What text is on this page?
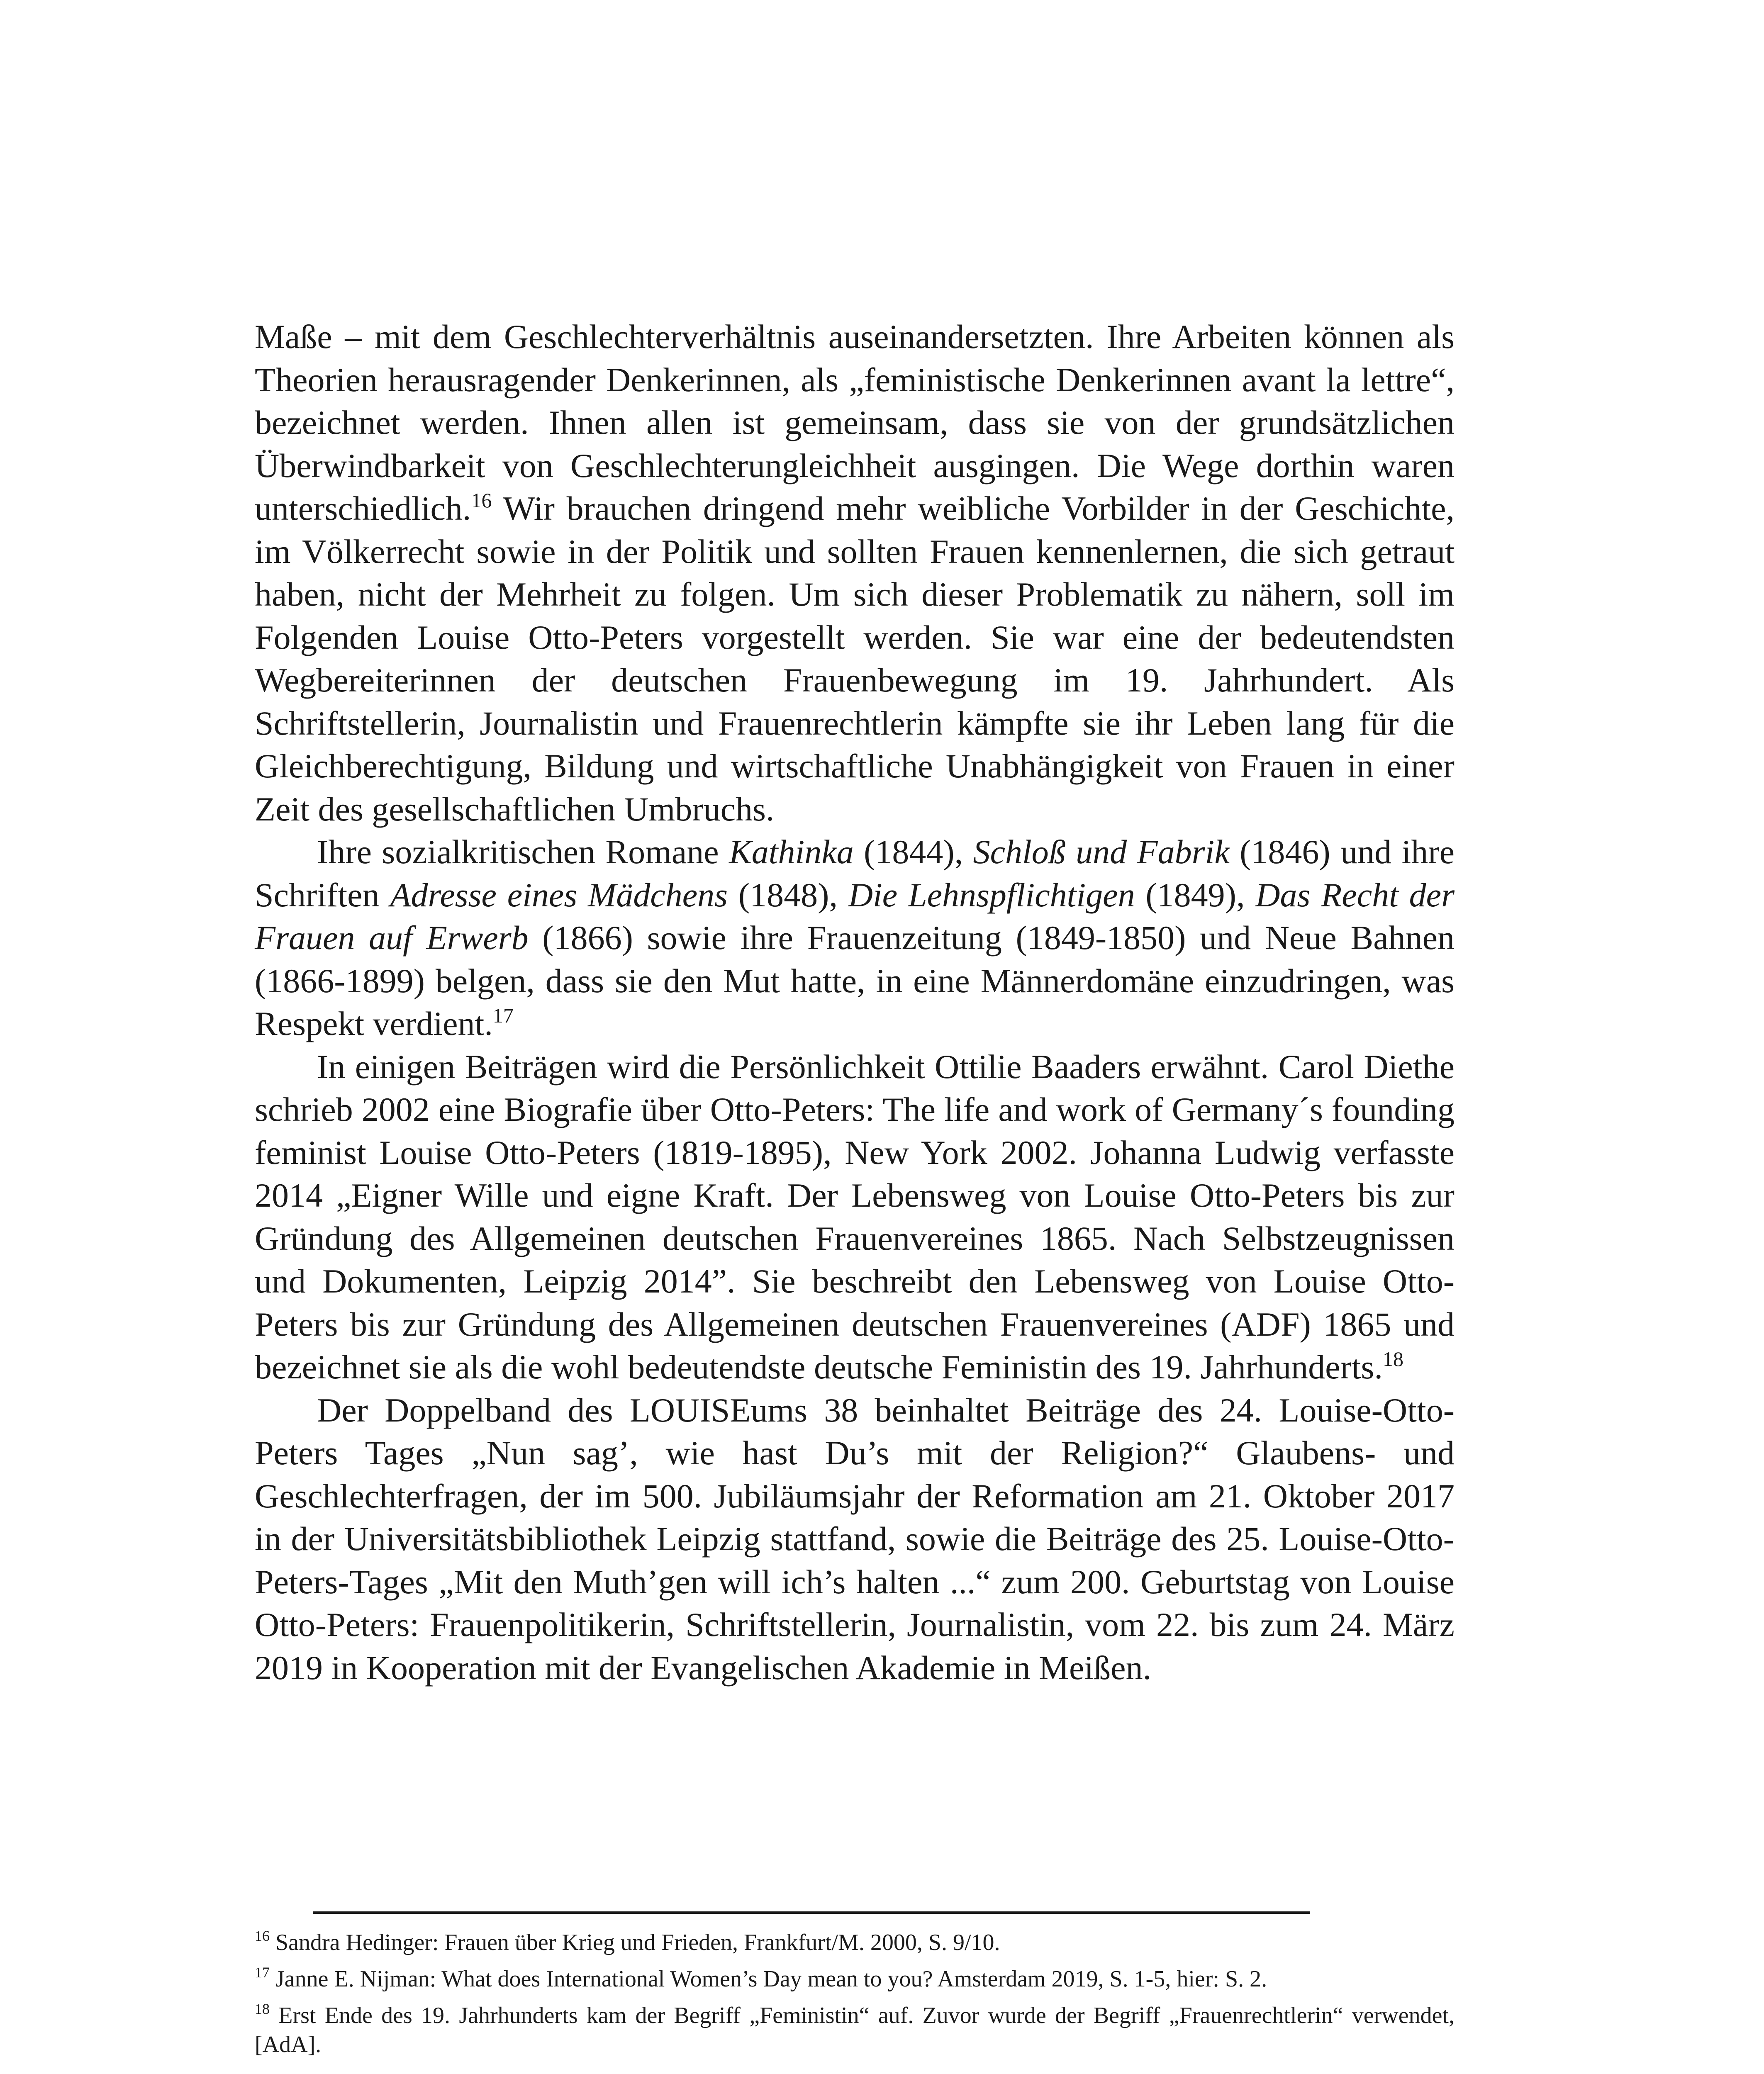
Maße – mit dem Geschlechterverhältnis auseinandersetzten. Ihre Arbeiten können als Theorien herausragender Denkerinnen, als „feministische Denkerinnen avant la lettre“, bezeichnet werden. Ihnen allen ist gemeinsam, dass sie von der grundsätzlichen Überwindbarkeit von Geschlechterungleichheit ausgingen. Die Wege dorthin waren unterschiedlich.$^{16}$ Wir brauchen dringend mehr weibliche Vorbilder in der Geschichte, im Völkerrecht sowie in der Politik und sollten Frauen kennenlernen, die sich getraut haben, nicht der Mehrheit zu folgen. Um sich dieser Problematik zu nähern, soll im Folgenden Louise Otto-Peters vorgestellt werden. Sie war eine der bedeutendsten Wegbereiterinnen der deutschen Frauenbewegung im 19. Jahrhundert. Als Schriftstellerin, Journalistin und Frauenrechtlerin kämpfte sie ihr Leben lang für die Gleichberechtigung, Bildung und wirtschaftliche Unabhängigkeit von Frauen in einer Zeit des gesellschaftlichen Umbruchs.

Ihre sozialkritischen Romane Kathinka (1844), Schloß und Fabrik (1846) und ihre Schriften Adresse eines Mädchens (1848), Die Lehnspflichtigen (1849), Das Recht der Frauen auf Erwerb (1866) sowie ihre Frauenzeitung (1849-1850) und Neue Bahnen (1866-1899) belgen, dass sie den Mut hatte, in eine Männerdomäne einzudringen, was Respekt verdient.$^{17}$

In einigen Beiträgen wird die Persönlichkeit Ottilie Baaders erwähnt. Carol Diethe schrieb 2002 eine Biografie über Otto-Peters: The life and work of Germany´s founding feminist Louise Otto-Peters (1819-1895), New York 2002. Johanna Ludwig verfasste 2014 „Eigner Wille und eigne Kraft. Der Lebensweg von Louise Otto-Peters bis zur Gründung des Allgemeinen deutschen Frauenvereines 1865. Nach Selbstzeugnissen und Dokumenten, Leipzig 2014”. Sie beschreibt den Lebensweg von Louise Otto-Peters bis zur Gründung des Allgemeinen deutschen Frauenvereines (ADF) 1865 und bezeichnet sie als die wohl bedeutendste deutsche Feministin des 19. Jahrhunderts.$^{18}$

Der Doppelband des LOUISEums 38 beinhaltet Beiträge des 24. Louise-Otto-Peters Tages „Nun sag’, wie hast Du’s mit der Religion?“ Glaubens- und Geschlechterfragen, der im 500. Jubiläumsjahr der Reformation am 21. Oktober 2017 in der Universitätsbibliothek Leipzig stattfand, sowie die Beiträge des 25. Louise-Otto-Peters-Tages „Mit den Muth’gen will ich’s halten ...“ zum 200. Geburtstag von Louise Otto-Peters: Frauenpolitikerin, Schriftstellerin, Journalistin, vom 22. bis zum 24. März 2019 in Kooperation mit der Evangelischen Akademie in Meißen.

$^{16}$ Sandra Hedinger: Frauen über Krieg und Frieden, Frankfurt/M. 2000, S. 9/10.

$^{17}$ Janne E. Nijman: What does International Women’s Day mean to you? Amsterdam 2019, S. 1-5, hier: S. 2.

$^{18}$ Erst Ende des 19. Jahrhunderts kam der Begriff „Feministin“ auf. Zuvor wurde der Begriff „Frauenrechtlerin“ verwendet, [AdA].
